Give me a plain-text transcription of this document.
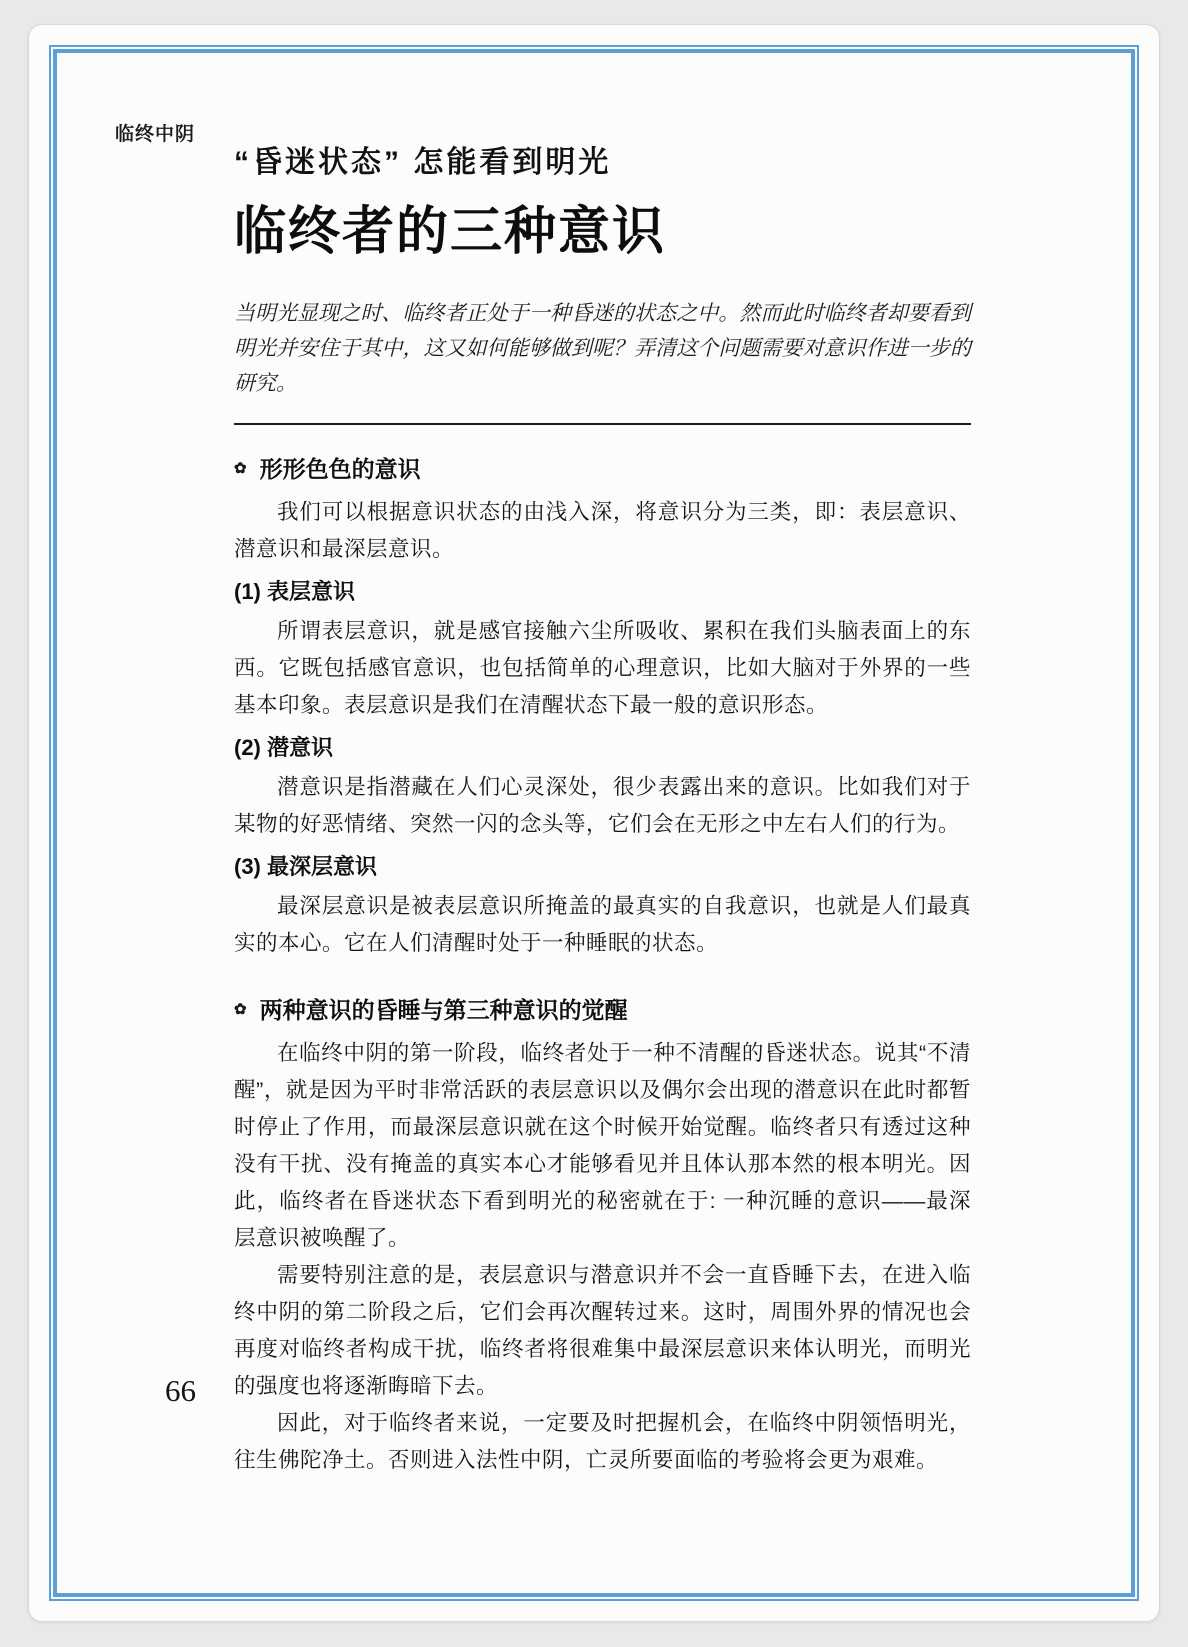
临终中阴
“昏迷状态” 怎能看到明光
临终者的三种意识

当明光显现之时、临终者正处于一种昏迷的状态之中。然而此时临终者却要看到明光并安住于其中，这又如何能够做到呢？弄清这个问题需要对意识作进一步的研究。

✿ 形形色色的意识

我们可以根据意识状态的由浅入深，将意识分为三类，即：表层意识、潜意识和最深层意识。

(1) 表层意识

所谓表层意识，就是感官接触六尘所吸收、累积在我们头脑表面上的东西。它既包括感官意识，也包括简单的心理意识，比如大脑对于外界的一些基本印象。表层意识是我们在清醒状态下最一般的意识形态。

(2) 潜意识

潜意识是指潜藏在人们心灵深处，很少表露出来的意识。比如我们对于某物的好恶情绪、突然一闪的念头等，它们会在无形之中左右人们的行为。

(3) 最深层意识

最深层意识是被表层意识所掩盖的最真实的自我意识，也就是人们最真实的本心。它在人们清醒时处于一种睡眠的状态。

✿ 两种意识的昏睡与第三种意识的觉醒

在临终中阴的第一阶段，临终者处于一种不清醒的昏迷状态。说其“不清醒”，就是因为平时非常活跃的表层意识以及偶尔会出现的潜意识在此时都暂时停止了作用，而最深层意识就在这个时候开始觉醒。临终者只有透过这种没有干扰、没有掩盖的真实本心才能够看见并且体认那本然的根本明光。因此，临终者在昏迷状态下看到明光的秘密就在于: 一种沉睡的意识——最深层意识被唤醒了。

需要特别注意的是，表层意识与潜意识并不会一直昏睡下去，在进入临终中阴的第二阶段之后，它们会再次醒转过来。这时，周围外界的情况也会再度对临终者构成干扰，临终者将很难集中最深层意识来体认明光，而明光的强度也将逐渐晦暗下去。

因此，对于临终者来说，一定要及时把握机会，在临终中阴领悟明光，往生佛陀净土。否则进入法性中阴，亡灵所要面临的考验将会更为艰难。

66
